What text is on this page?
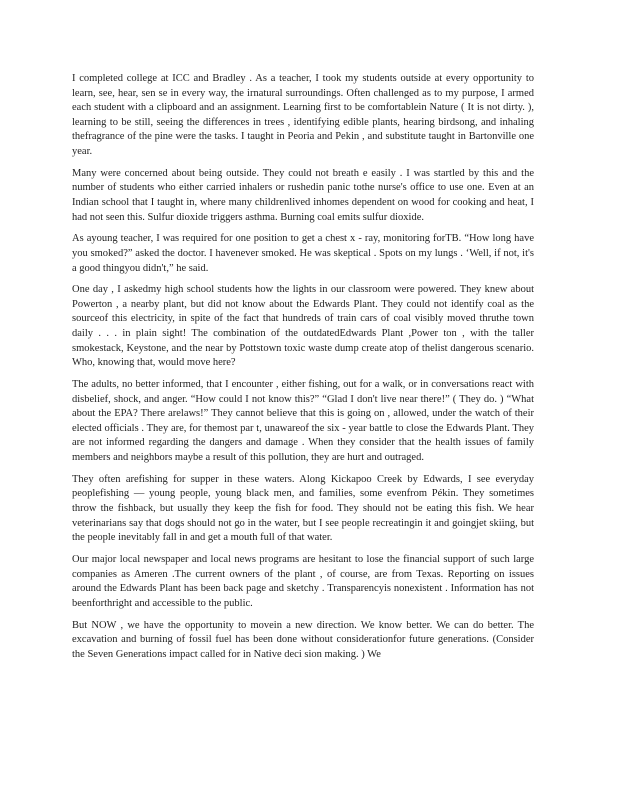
I completed college at ICC and Bradley . As a teacher, I took my students outside at every opportunity to learn, see, hear, sen se in every way, the irnatural surroundings. Often challenged as to my purpose, I armed each student with a clipboard and an assignment. Learning first to be comfortablein Nature ( It is not dirty. ), learning to be still, seeing the differences in trees , identifying edible plants, hearing birdsong, and inhaling thefragrance of the pine were the tasks. I taught in Peoria and Pekin , and substitute taught in Bartonville one year.

Many were concerned about being outside. They could not breath e easily . I was startled by this and the number of students who either carried inhalers or rushedin panic tothe nurse's office to use one. Even at an Indian school that I taught in, where many childrenlived inhomes dependent on wood for cooking and heat, I had not seen this. Sulfur dioxide triggers asthma. Burning coal emits sulfur dioxide.

As ayoung teacher, I was required for one position to get a chest x - ray, monitoring forTB. “How long have you smoked?” asked the doctor. I havenever smoked. He was skeptical . Spots on my lungs . ‘Well, if not, it's a good thingyou didn't,” he said.

One day , I askedmy high school students how the lights in our classroom were powered. They knew about Powerton , a nearby plant, but did not know about the Edwards Plant. They could not identify coal as the sourceof this electricity, in spite of the fact that hundreds of train cars of coal visibly moved thruthe town daily . . . in plain sight! The combination of the outdatedEdwards Plant ,Power ton , with the taller smokestack, Keystone, and the near by Pottstown toxic waste dump create atop of thelist dangerous scenario. Who, knowing that, would move here?

The adults, no better informed, that I encounter , either fishing, out for a walk, or in conversations react with disbelief, shock, and anger. “How could I not know this?” “Glad I don't live near there!” ( They do. ) “What about the EPA? There arelaws!” They cannot believe that this is going on , allowed, under the watch of their elected officials . They are, for themost par t, unawareof the six - year battle to close the Edwards Plant. They are not informed regarding the dangers and damage . When they consider that the health issues of family members and neighbors maybe a result of this pollution, they are hurt and outraged.

They often arefishing for supper in these waters. Along Kickapoo Creek by Edwards, I see everyday peoplefishing — young people, young black men, and families, some evenfrom Pékin. They sometimes throw the fishback, but usually they keep the fish for food. They should not be eating this fish. We hear veterinarians say that dogs should not go in the water, but I see people recreatingin it and goingjet skiing, but the people inevitably fall in and get a mouth full of that water.

Our major local newspaper and local news programs are hesitant to lose the financial support of such large companies as Ameren .The current owners of the plant , of course, are from Texas. Reporting on issues around the Edwards Plant has been back page and sketchy . Transparencyis nonexistent . Information has not beenforthright and accessible to the public.

But NOW , we have the opportunity to movein a new direction. We know better. We can do better. The excavation and burning of fossil fuel has been done without considerationfor future generations. (Consider the Seven Generations impact called for in Native deci sion making. ) We
